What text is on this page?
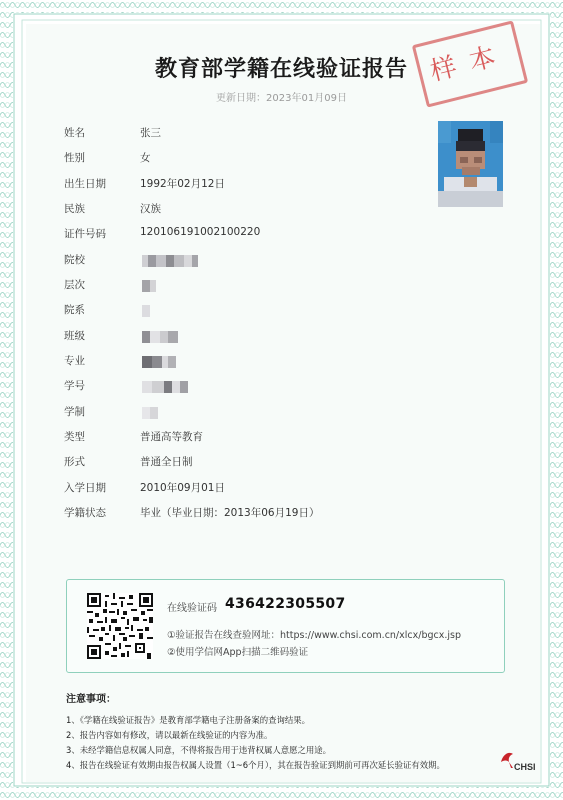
教育部学籍在线验证报告
更新日期：2023年01月09日
样本
姓名	张三
性别	女
出生日期	1992年02月12日
民族	汉族
证件号码	120106191002100220
院校
层次
院系
班级
专业
学号
学制
类型	普通高等教育
形式	普通全日制
入学日期	2010年09月01日
学籍状态	毕业（毕业日期：2013年06月19日）
在线验证码 436422305507
①验证报告在线查验网址：https://www.chsi.com.cn/xlcx/bgcx.jsp
②使用学信网App扫描二维码验证
注意事项：
1、《学籍在线验证报告》是教育部学籍电子注册备案的查询结果。
2、报告内容如有修改，请以最新在线验证的内容为准。
3、未经学籍信息权属人同意，不得将报告用于违背权属人意愿之用途。
4、报告在线验证有效期由报告权属人设置（1~6个月），其在报告验证到期前可再次延长验证有效期。	CHSI
